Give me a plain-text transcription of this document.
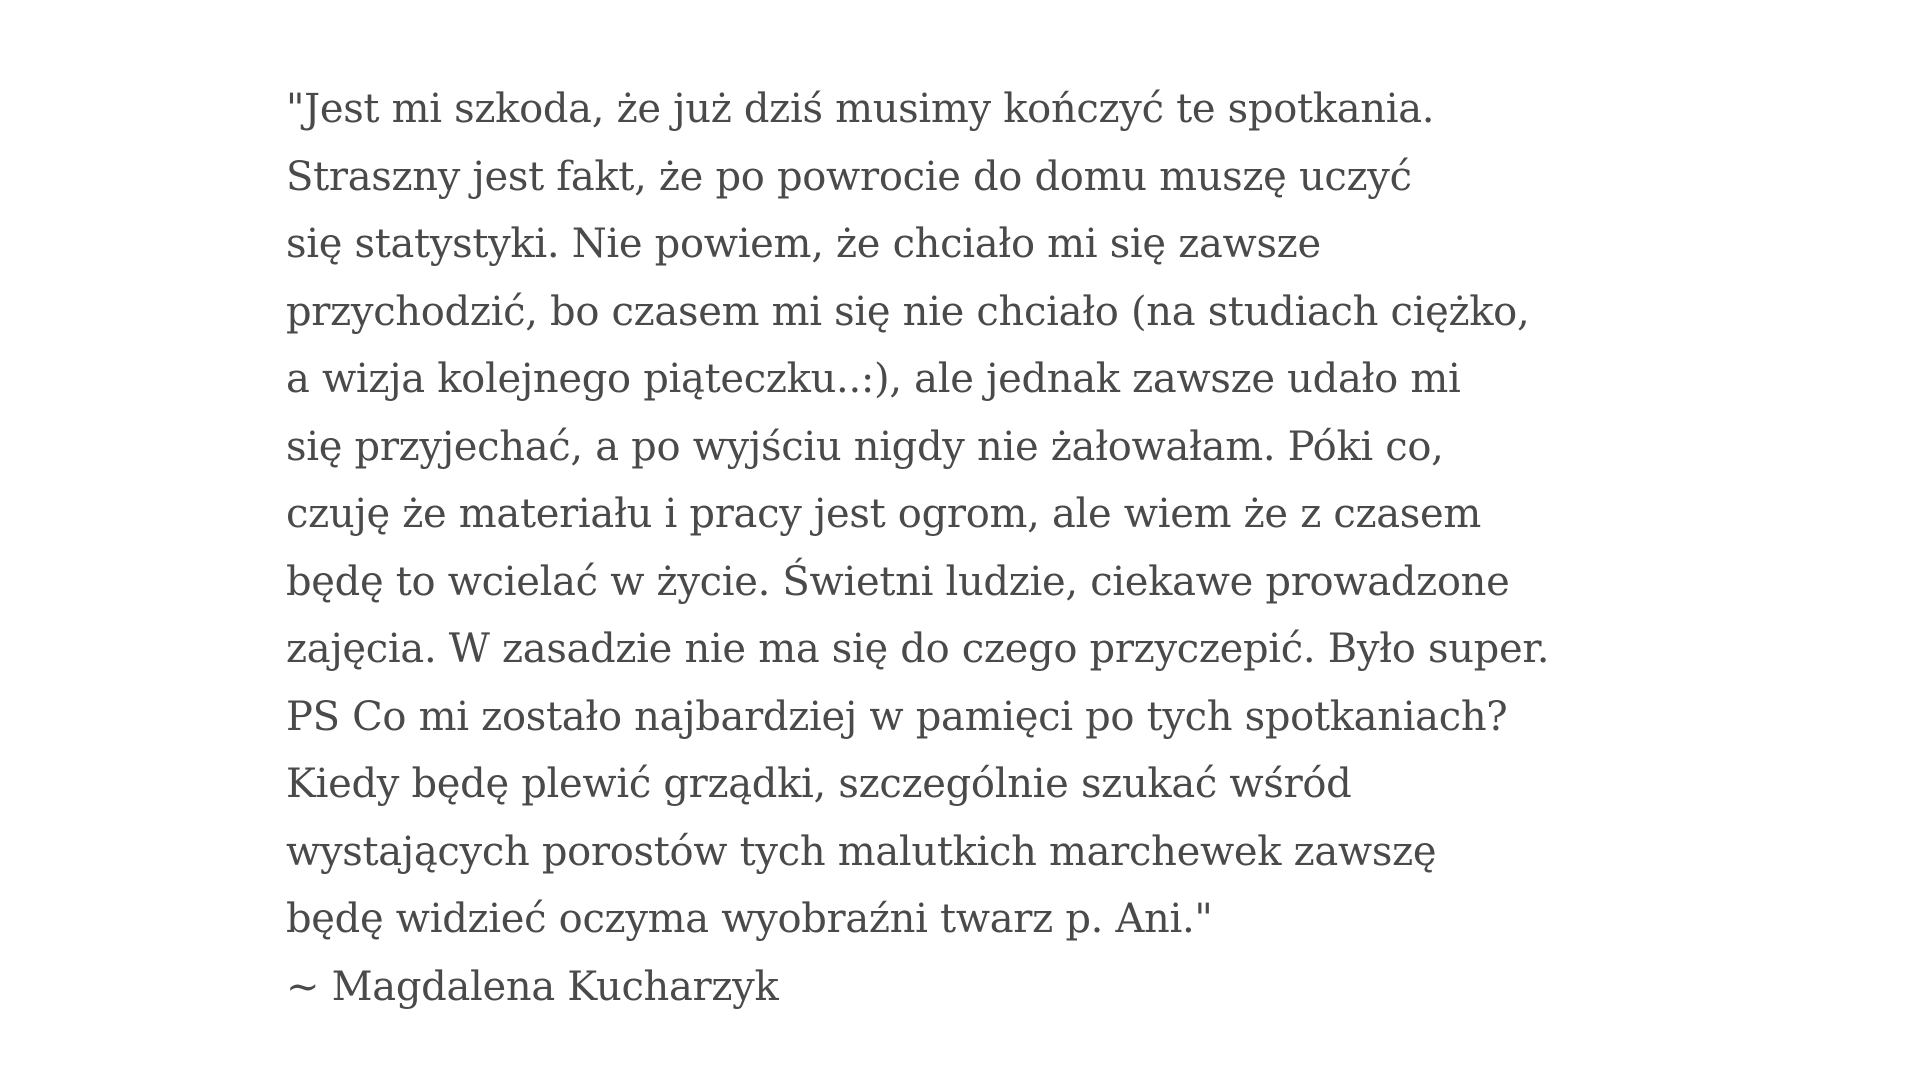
"Jest mi szkoda, że już dziś musimy kończyć te spotkania.
Straszny jest fakt, że po powrocie do domu muszę uczyć
się statystyki. Nie powiem, że chciało mi się zawsze
przychodzić, bo czasem mi się nie chciało (na studiach ciężko,
a wizja kolejnego piąteczku..:), ale jednak zawsze udało mi
się przyjechać, a po wyjściu nigdy nie żałowałam. Póki co,
czuję że materiału i pracy jest ogrom, ale wiem że z czasem
będę to wcielać w życie. Świetni ludzie, ciekawe prowadzone
zajęcia. W zasadzie nie ma się do czego przyczepić. Było super.
PS Co mi zostało najbardziej w pamięci po tych spotkaniach?
Kiedy będę plewić grządki, szczególnie szukać wśród
wystających porostów tych malutkich marchewek zawszę
będę widzieć oczyma wyobraźni twarz p. Ani."
~ Magdalena Kucharzyk
